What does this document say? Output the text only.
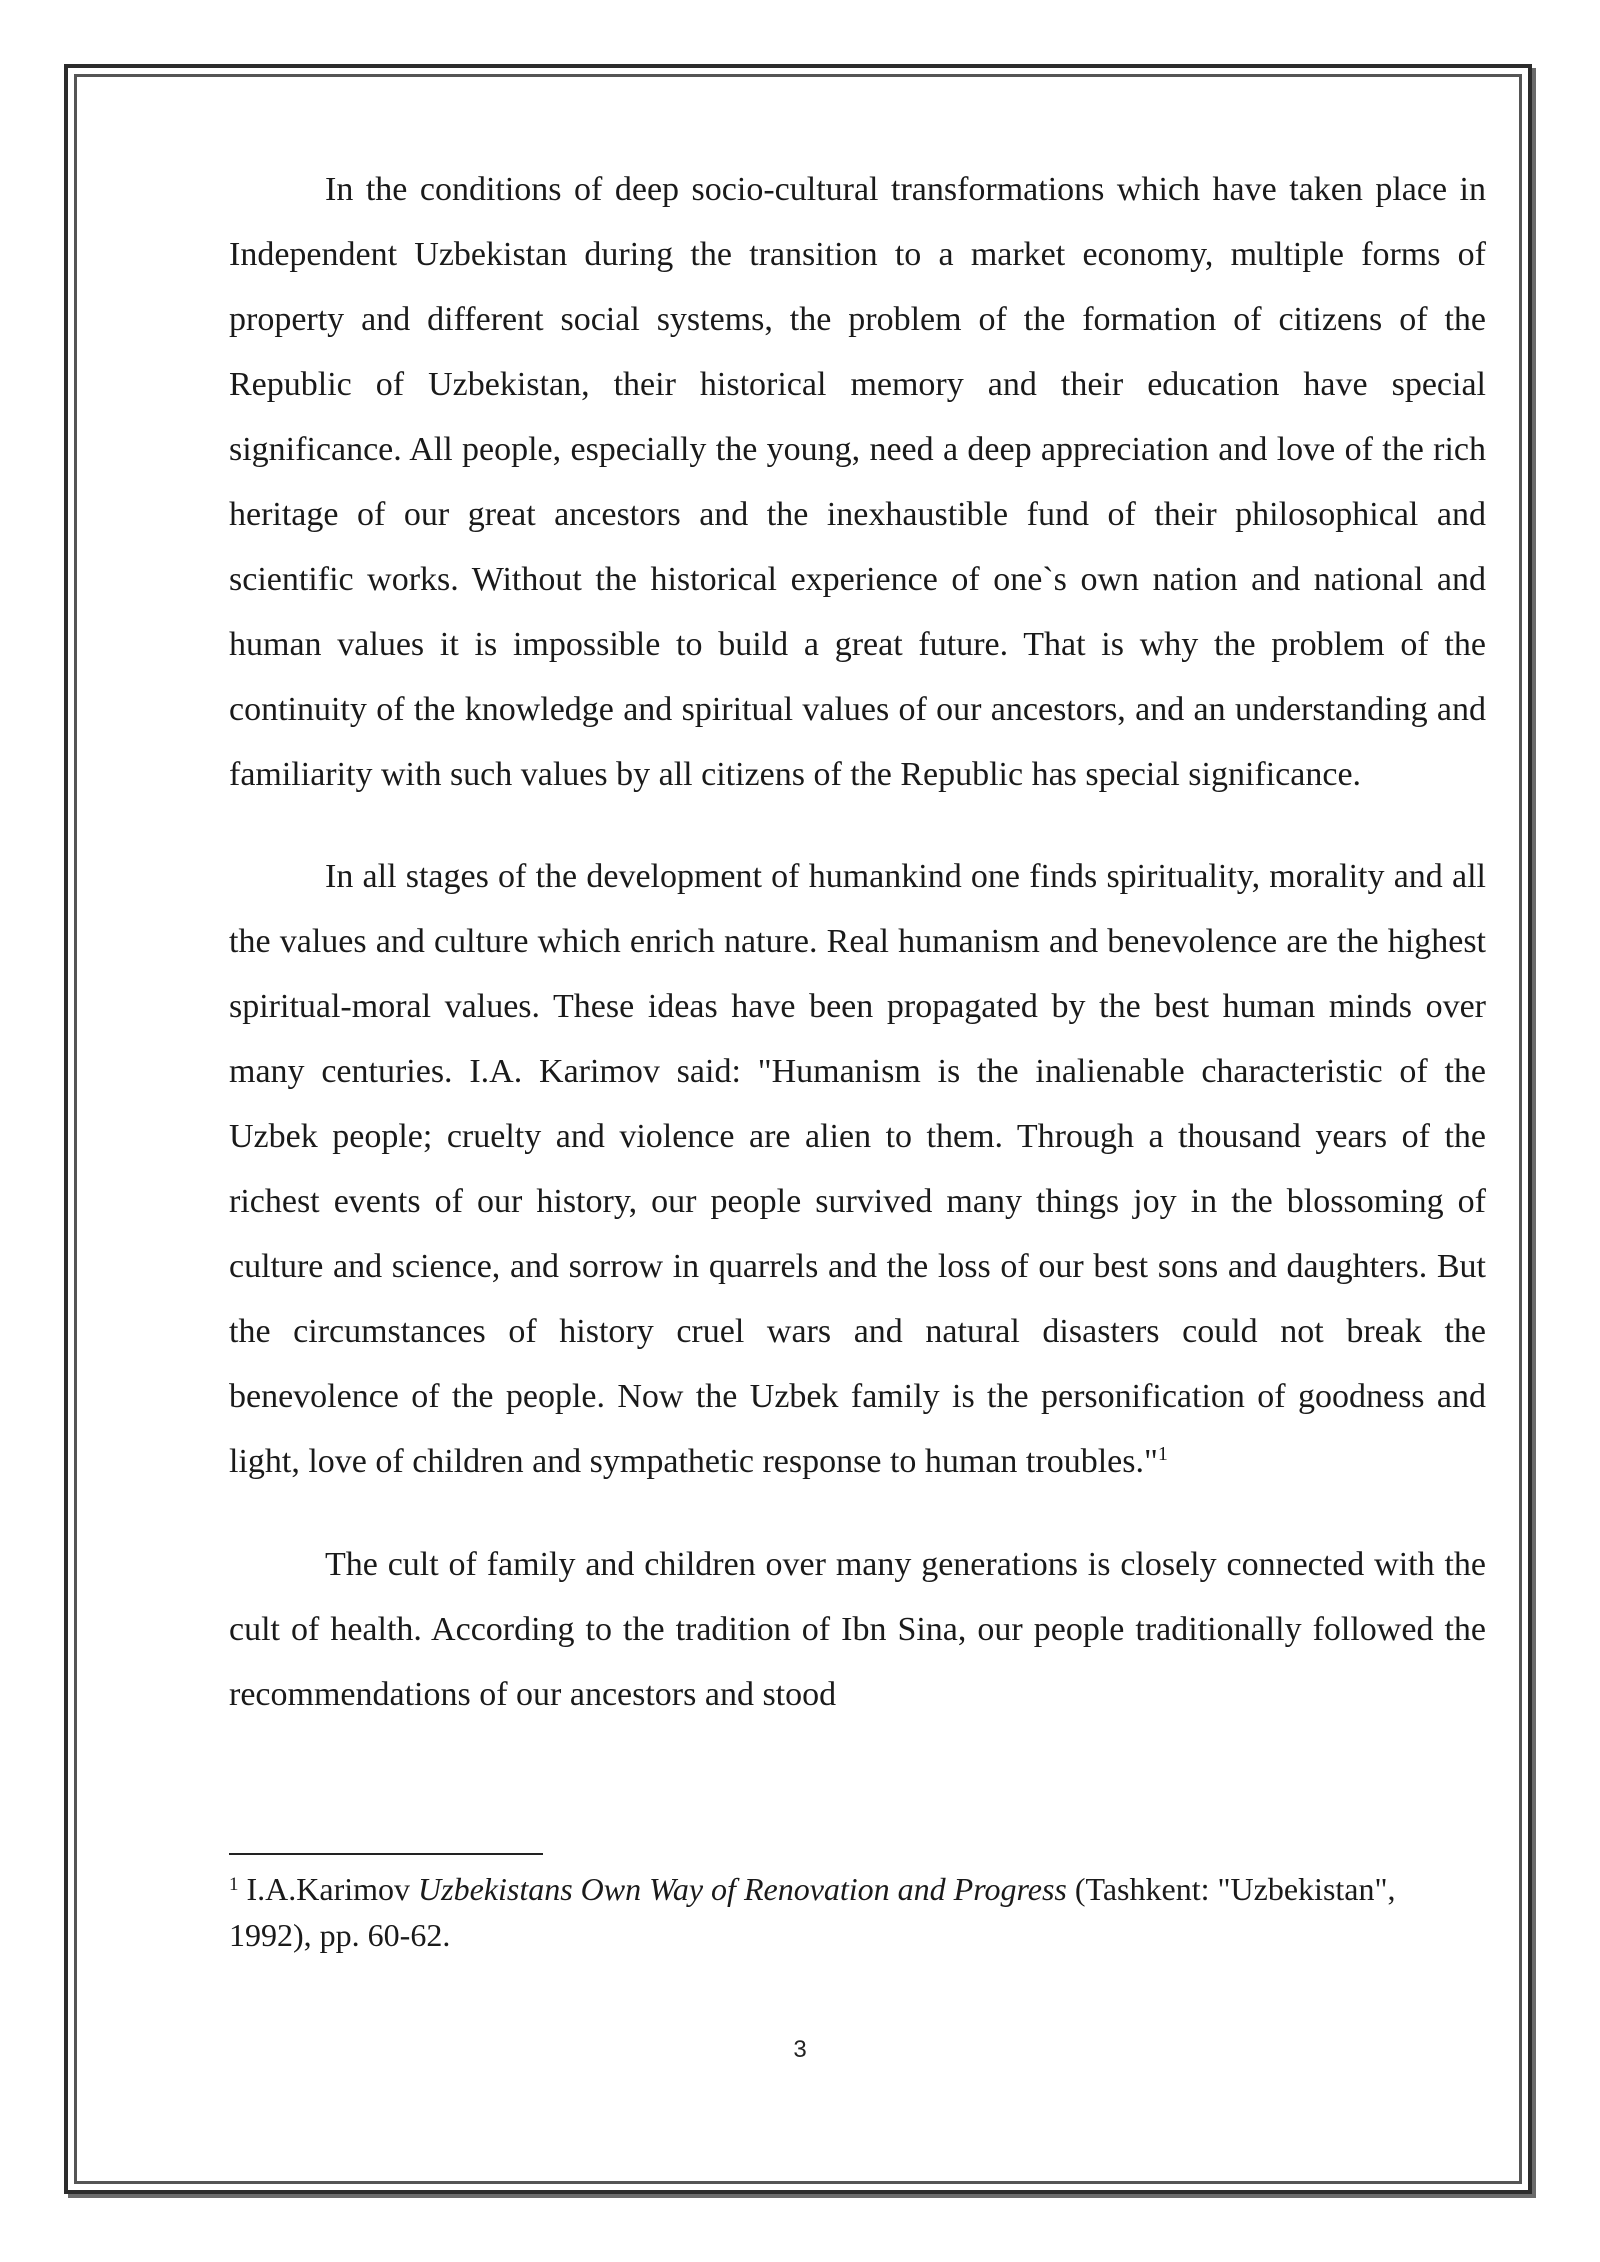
In the conditions of deep socio-cultural transformations which have taken place in Independent Uzbekistan during the transition to a market economy, multiple forms of property and different social systems, the problem of the formation of citizens of the Republic of Uzbekistan, their historical memory and their education have special significance. All people, especially the young, need a deep appreciation and love of the rich heritage of our great ancestors and the inexhaustible fund of their philosophical and scientific works. Without the historical experience of one`s own nation and national and human values it is impossible to build a great future. That is why the problem of the continuity of the knowledge and spiritual values of our ancestors, and an understanding and familiarity with such values by all citizens of the Republic has special significance.

In all stages of the development of humankind one finds spirituality, morality and all the values and culture which enrich nature. Real humanism and benevolence are the highest spiritual-moral values. These ideas have been propagated by the best human minds over many centuries. I.A. Karimov said: "Humanism is the inalienable characteristic of the Uzbek people; cruelty and violence are alien to them. Through a thousand years of the richest events of our history, our people survived many things joy in the blossoming of culture and science, and sorrow in quarrels and the loss of our best sons and daughters. But the circumstances of history cruel wars and natural disasters could not break the benevolence of the people. Now the Uzbek family is the personification of goodness and light, love of children and sympathetic response to human troubles."$^1$

The cult of family and children over many generations is closely connected with the cult of health. According to the tradition of Ibn Sina, our people traditionally followed the recommendations of our ancestors and stood

$^1$ I.A.Karimov Uzbekistans Own Way of Renovation and Progress (Tashkent: "Uzbekistan", 1992), pp. 60-62.

3
